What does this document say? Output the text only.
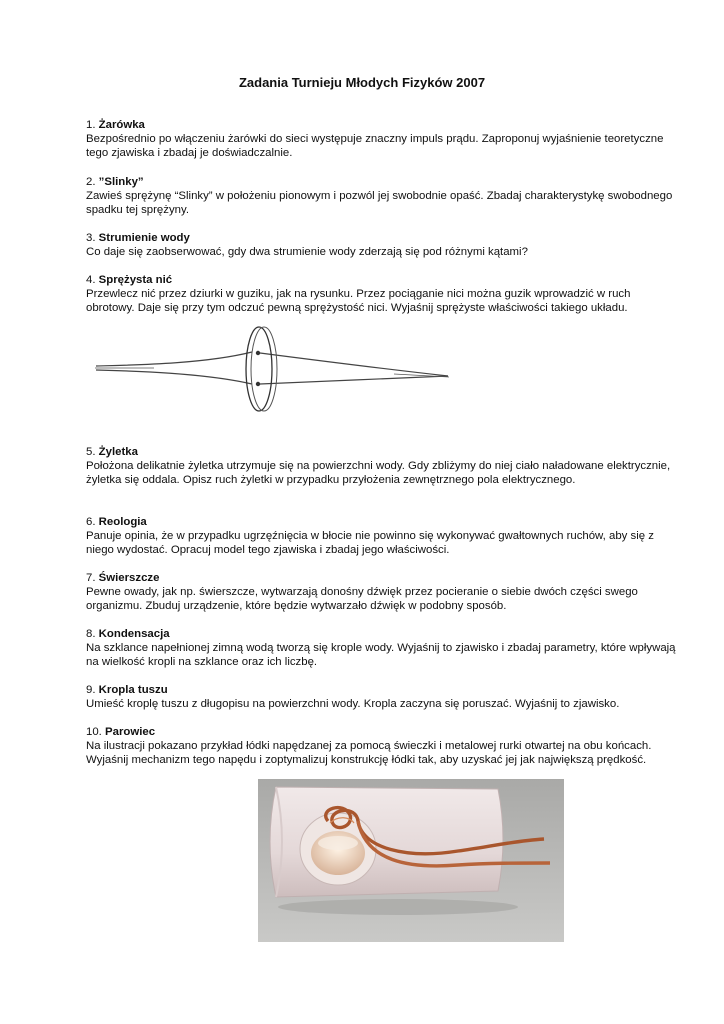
Zadania Turnieju Młodych Fizyków 2007
1. Żarówka
Bezpośrednio po włączeniu żarówki do sieci występuje znaczny impuls prądu. Zaproponuj wyjaśnienie teoretyczne tego zjawiska i zbadaj je doświadczalnie.
2. ”Slinky”
Zawieś sprężynę “Slinky” w położeniu pionowym i pozwól jej swobodnie opaść. Zbadaj charakterystykę swobodnego spadku tej sprężyny.
3. Strumienie wody
Co daje się zaobserwować, gdy dwa strumienie wody zderzają się pod różnymi kątami?
4. Sprężysta nić
Przewlecz nić przez dziurki w guziku, jak na rysunku. Przez pociąganie nici można guzik wprowadzić w ruch obrotowy. Daje się przy tym odczuć pewną sprężystość nici. Wyjaśnij sprężyste właściwości takiego układu.
5. Żyletka
Położona delikatnie żyletka utrzymuje się na powierzchni wody. Gdy zbliżymy do niej ciało naładowane elektrycznie, żyletka się oddala. Opisz ruch żyletki w przypadku przyłożenia zewnętrznego pola elektrycznego.
6. Reologia
Panuje opinia, że w przypadku ugrzęźnięcia w błocie nie powinno się wykonywać gwałtownych ruchów, aby się z niego wydostać. Opracuj model tego zjawiska i zbadaj jego właściwości.
7. Świerszcze
Pewne owady, jak np. świerszcze, wytwarzają donośny dźwięk przez pocieranie o siebie dwóch części swego organizmu. Zbuduj urządzenie, które będzie wytwarzało dźwięk w podobny sposób.
8. Kondensacja
Na szklance napełnionej zimną wodą tworzą się krople wody. Wyjaśnij to zjawisko i zbadaj parametry, które wpływają na wielkość kropli na szklance oraz ich liczbę.
9. Kropla tuszu
Umieść kroplę tuszu z długopisu na powierzchni wody. Kropla zaczyna się poruszać. Wyjaśnij to zjawisko.
10. Parowiec
Na ilustracji pokazano przykład łódki napędzanej za pomocą świeczki i metalowej rurki otwartej na obu końcach. Wyjaśnij mechanizm tego napędu i zoptymalizuj konstrukcję łódki tak, aby uzyskać jej jak największą prędkość.
